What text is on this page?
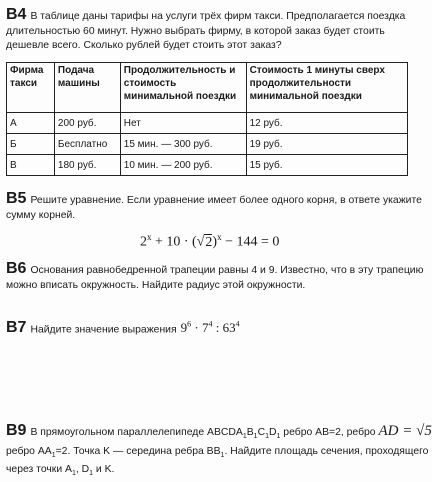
B4 В таблице даны тарифы на услуги трёх фирм такси. Предполагается поездка
длительностью 60 минут. Нужно выбрать фирму, в которой заказ будет стоить
дешевле всего. Сколько рублей будет стоить этот заказ?
Фирма такси	Подача машины	Продолжительность и стоимость минимальной поездки	Стоимость 1 минуты сверх продолжительности минимальной поездки
А	200 руб.	Нет	12 руб.
Б	Бесплатно	15 мин. — 300 руб.	19 руб.
В	180 руб.	10 мин. — 200 руб.	15 руб.
B5 Решите уравнение. Если уравнение имеет более одного корня, в ответе укажите
сумму корней.
$2^x + 10 \cdot (√2)^x - 144 = 0$
B6 Основания равнобедренной трапеции равны 4 и 9. Известно, что в эту трапецию
можно вписать окружность. Найдите радиус этой окружности.
B7 Найдите значение выражения $9^6 \cdot 7^4$ : $63^4$
B9 В прямоугольном параллелепипеде $ABCDA_1B_1C_1D_1$ ребро AB=2, ребро AD = √5
ребро $AA_1=2$. Точка K — середина ребра $BB_1$. Найдите площадь сечения, проходящего
через точки $A_1$, $D_1$ и K.
